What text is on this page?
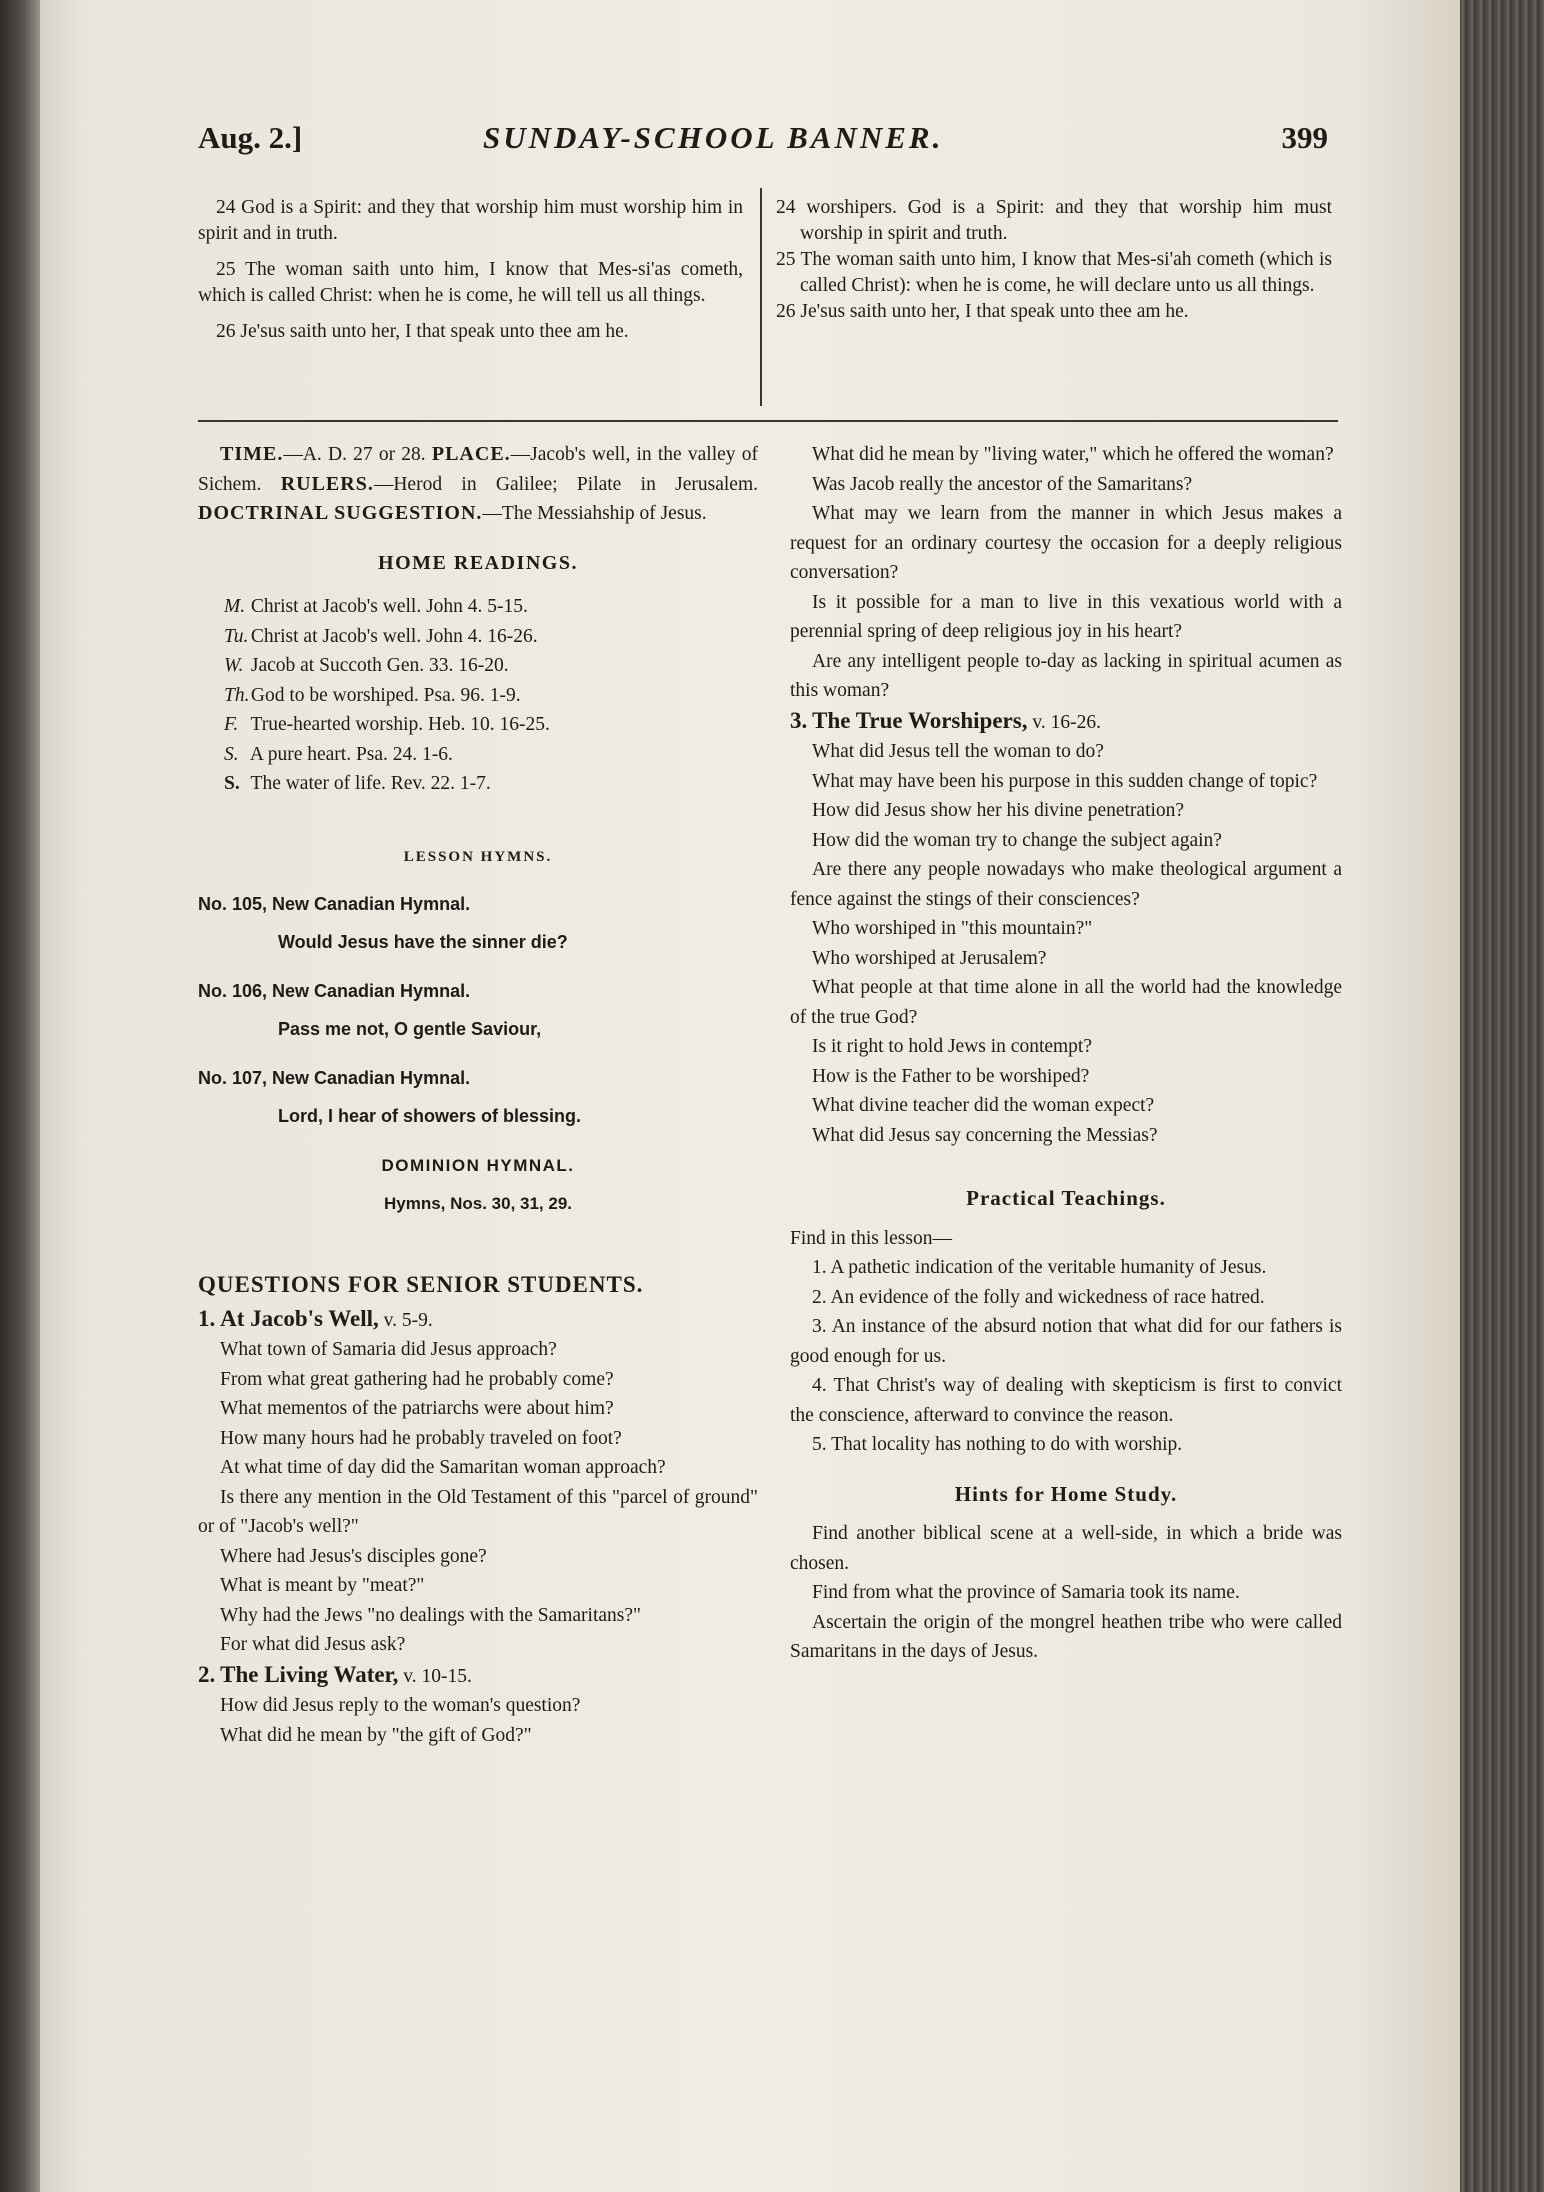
Aug. 2.]	SUNDAY-SCHOOL BANNER.	399

24 God is a Spirit: and they that worship him must worship him in spirit and in truth.

25 The woman saith unto him, I know that Mes-si'as cometh, which is called Christ: when he is come, he will tell us all things.

26 Je'sus saith unto her, I that speak unto thee am he.

24 worshipers. God is a Spirit: and they that worship him must worship in spirit and truth.

25 The woman saith unto him, I know that Mes-si'ah cometh (which is called Christ): when he is come, he will declare unto us all things.

26 Je'sus saith unto her, I that speak unto thee am he.

TIME.—A. D. 27 or 28. PLACE.—Jacob's well, in the valley of Sichem. RULERS.—Herod in Galilee; Pilate in Jerusalem. DOCTRINAL SUGGESTION.—The Messiahship of Jesus.

HOME READINGS.

M. Christ at Jacob's well. John 4. 5-15.

Tu. Christ at Jacob's well. John 4. 16-26.

W. Jacob at Succoth Gen. 33. 16-20.

Th. God to be worshiped. Psa. 96. 1-9.

F. True-hearted worship. Heb. 10. 16-25.

S. A pure heart. Psa. 24. 1-6.

S. The water of life. Rev. 22. 1-7.

LESSON HYMNS.

No. 105, New Canadian Hymnal.

Would Jesus have the sinner die?

No. 106, New Canadian Hymnal.

Pass me not, O gentle Saviour,

No. 107, New Canadian Hymnal.

Lord, I hear of showers of blessing.

DOMINION HYMNAL.

Hymns, Nos. 30, 31, 29.

QUESTIONS FOR SENIOR STUDENTS.

1. At Jacob's Well, v. 5-9.

What town of Samaria did Jesus approach?

From what great gathering had he probably come?

What mementos of the patriarchs were about him?

How many hours had he probably traveled on foot?

At what time of day did the Samaritan woman approach?

Is there any mention in the Old Testament of this "parcel of ground" or of "Jacob's well?"

Where had Jesus's disciples gone?

What is meant by "meat?"

Why had the Jews "no dealings with the Samaritans?"

For what did Jesus ask?

2. The Living Water, v. 10-15.

How did Jesus reply to the woman's question?

What did he mean by "the gift of God?"

What did he mean by "living water," which he offered the woman?

Was Jacob really the ancestor of the Samaritans?

What may we learn from the manner in which Jesus makes a request for an ordinary courtesy the occasion for a deeply religious conversation?

Is it possible for a man to live in this vexatious world with a perennial spring of deep religious joy in his heart?

Are any intelligent people to-day as lacking in spiritual acumen as this woman?

3. The True Worshipers, v. 16-26.

What did Jesus tell the woman to do?

What may have been his purpose in this sudden change of topic?

How did Jesus show her his divine penetration?

How did the woman try to change the subject again?

Are there any people nowadays who make theological argument a fence against the stings of their consciences?

Who worshiped in "this mountain?"

Who worshiped at Jerusalem?

What people at that time alone in all the world had the knowledge of the true God?

Is it right to hold Jews in contempt?

How is the Father to be worshiped?

What divine teacher did the woman expect?

What did Jesus say concerning the Messias?

Practical Teachings.

Find in this lesson—

1. A pathetic indication of the veritable humanity of Jesus.

2. An evidence of the folly and wickedness of race hatred.

3. An instance of the absurd notion that what did for our fathers is good enough for us.

4. That Christ's way of dealing with skepticism is first to convict the conscience, afterward to convince the reason.

5. That locality has nothing to do with worship.

Hints for Home Study.

Find another biblical scene at a well-side, in which a bride was chosen.

Find from what the province of Samaria took its name.

Ascertain the origin of the mongrel heathen tribe who were called Samaritans in the days of Jesus.
